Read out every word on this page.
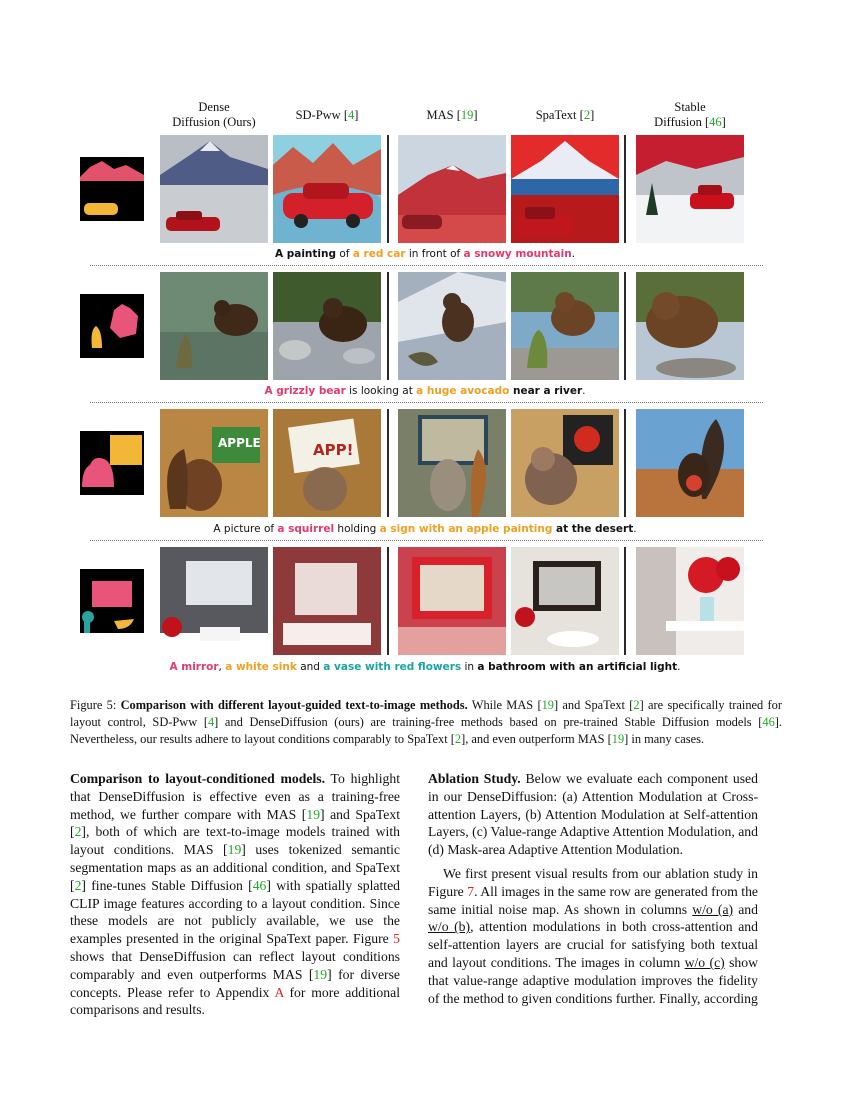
Dense
Diffusion (Ours)	SD-Pww [4]	MAS [19]	SpaText [2]
Stable
Diffusion [46]
A painting of a red car in front of a snowy mountain.
A grizzly bear is looking at a huge avocado near a river.
APPLE	APP!
A picture of a squirrel holding a sign with an apple painting at the desert.
A mirror, a white sink and a vase with red flowers in a bathroom with an artificial light.
Figure 5: Comparison with different layout-guided text-to-image methods. While MAS [19] and SpaText [2] are specifically trained for layout control, SD-Pww [4] and DenseDiffusion (ours) are training-free methods based on pre-trained Stable Diffusion models [46]. Nevertheless, our results adhere to layout conditions comparably to SpaText [2], and even outperform MAS [19] in many cases.

Comparison to layout-conditioned models. To highlight that DenseDiffusion is effective even as a training-free method, we further compare with MAS [19] and SpaText [2], both of which are text-to-image models trained with layout conditions. MAS [19] uses tokenized semantic segmentation maps as an additional condition, and SpaText [2] fine-tunes Stable Diffusion [46] with spatially splatted CLIP image features according to a layout condition. Since these models are not publicly available, we use the examples presented in the original SpaText paper. Figure 5 shows that DenseDiffusion can reflect layout conditions comparably and even outperforms MAS [19] for diverse concepts. Please refer to Appendix A for more additional comparisons and results.

Ablation Study. Below we evaluate each component used in our DenseDiffusion: (a) Attention Modulation at Cross-attention Layers, (b) Attention Modulation at Self-attention Layers, (c) Value-range Adaptive Attention Modulation, and (d) Mask-area Adaptive Attention Modulation.

We first present visual results from our ablation study in Figure 7. All images in the same row are generated from the same initial noise map. As shown in columns w/o (a) and w/o (b), attention modulations in both cross-attention and self-attention layers are crucial for satisfying both textual and layout conditions. The images in column w/o (c) show that value-range adaptive modulation improves the fidelity of the method to given conditions further. Finally, according
